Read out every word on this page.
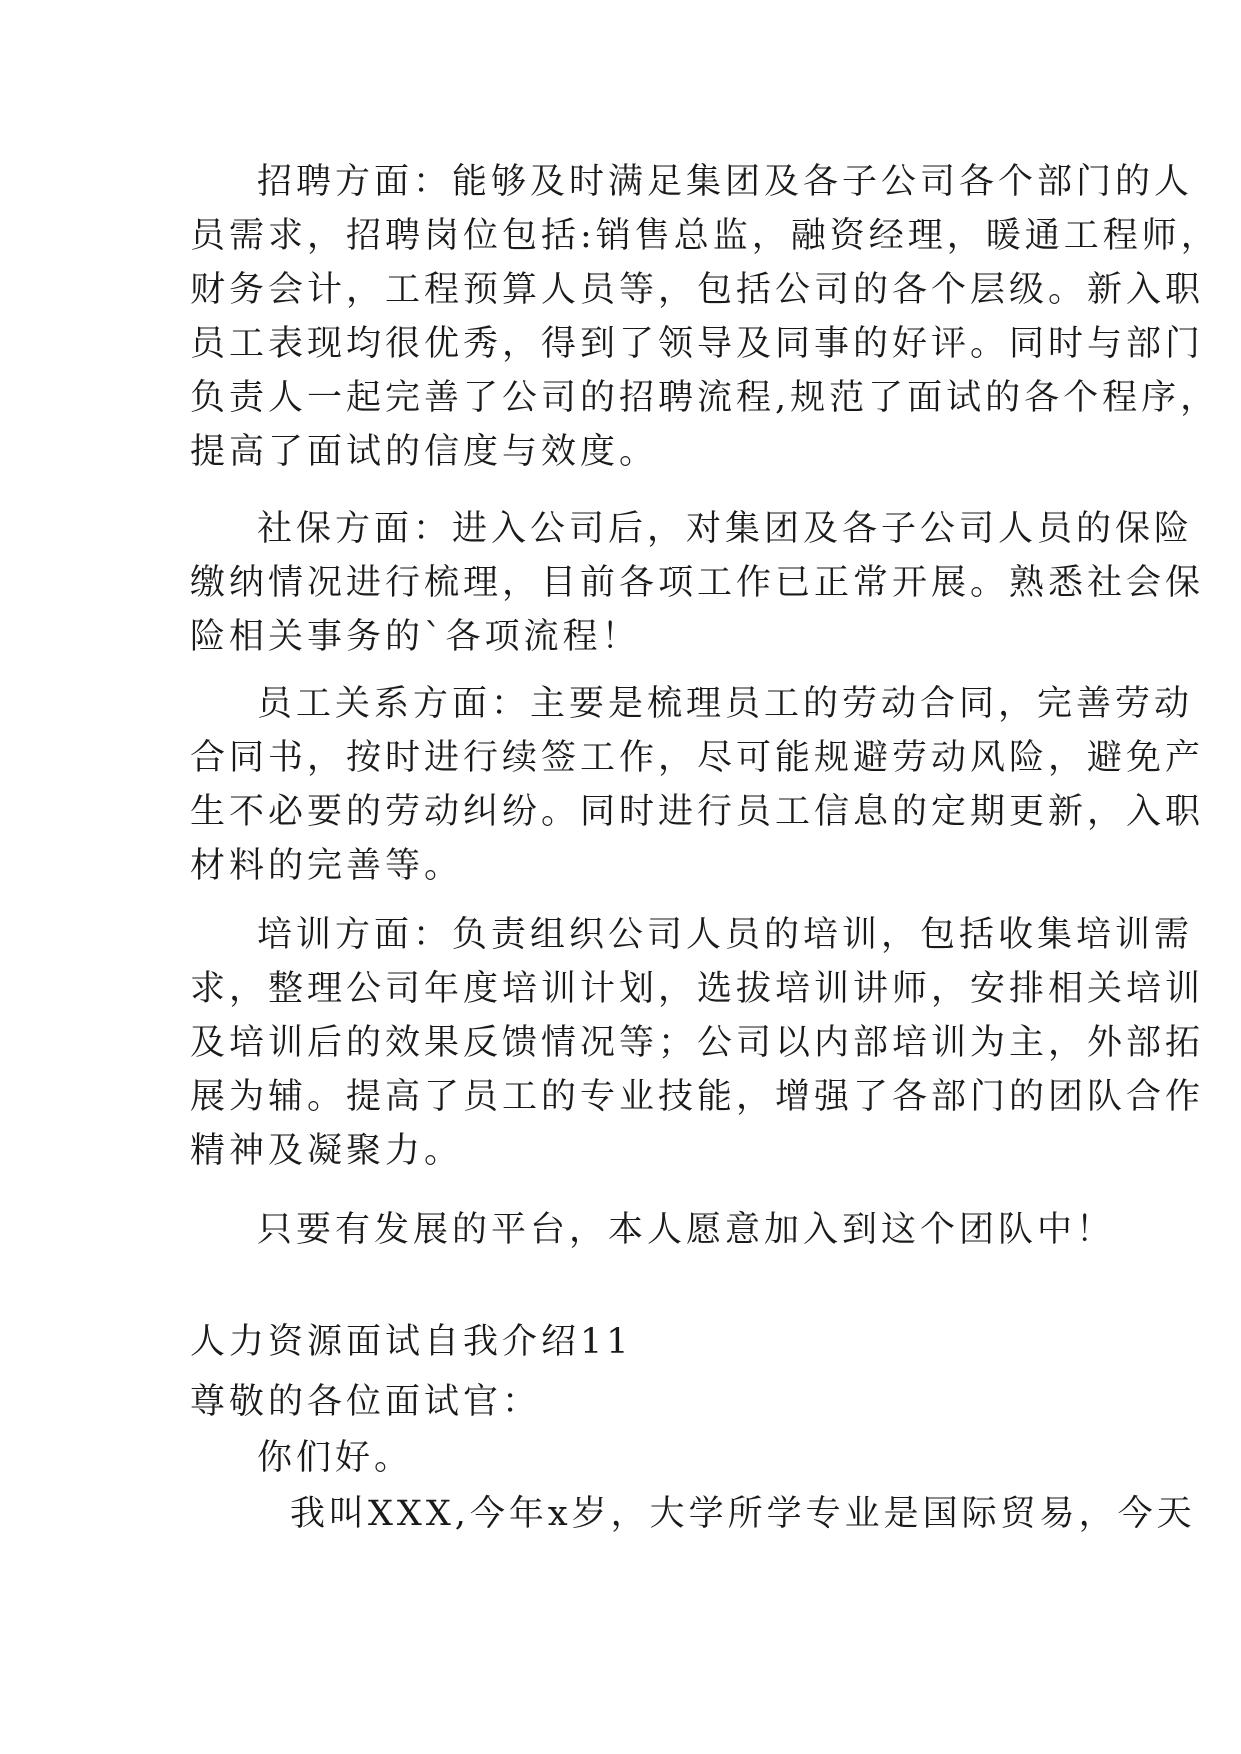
招聘方面：能够及时满足集团及各子公司各个部门的人
员需求，招聘岗位包括:销售总监，融资经理，暖通工程师，
财务会计，工程预算人员等，包括公司的各个层级。新入职
员工表现均很优秀，得到了领导及同事的好评。同时与部门
负责人一起完善了公司的招聘流程,规范了面试的各个程序，
提高了面试的信度与效度。
社保方面：进入公司后，对集团及各子公司人员的保险
缴纳情况进行梳理，目前各项工作已正常开展。熟悉社会保
险相关事务的`各项流程！
员工关系方面：主要是梳理员工的劳动合同，完善劳动
合同书，按时进行续签工作，尽可能规避劳动风险，避免产
生不必要的劳动纠纷。同时进行员工信息的定期更新，入职
材料的完善等。
培训方面：负责组织公司人员的培训，包括收集培训需
求，整理公司年度培训计划，选拔培训讲师，安排相关培训
及培训后的效果反馈情况等；公司以内部培训为主，外部拓
展为辅。提高了员工的专业技能，增强了各部门的团队合作
精神及凝聚力。
只要有发展的平台，本人愿意加入到这个团队中！
人力资源面试自我介绍11
尊敬的各位面试官：
你们好。
我叫XXX,今年x岁，大学所学专业是国际贸易，今天
